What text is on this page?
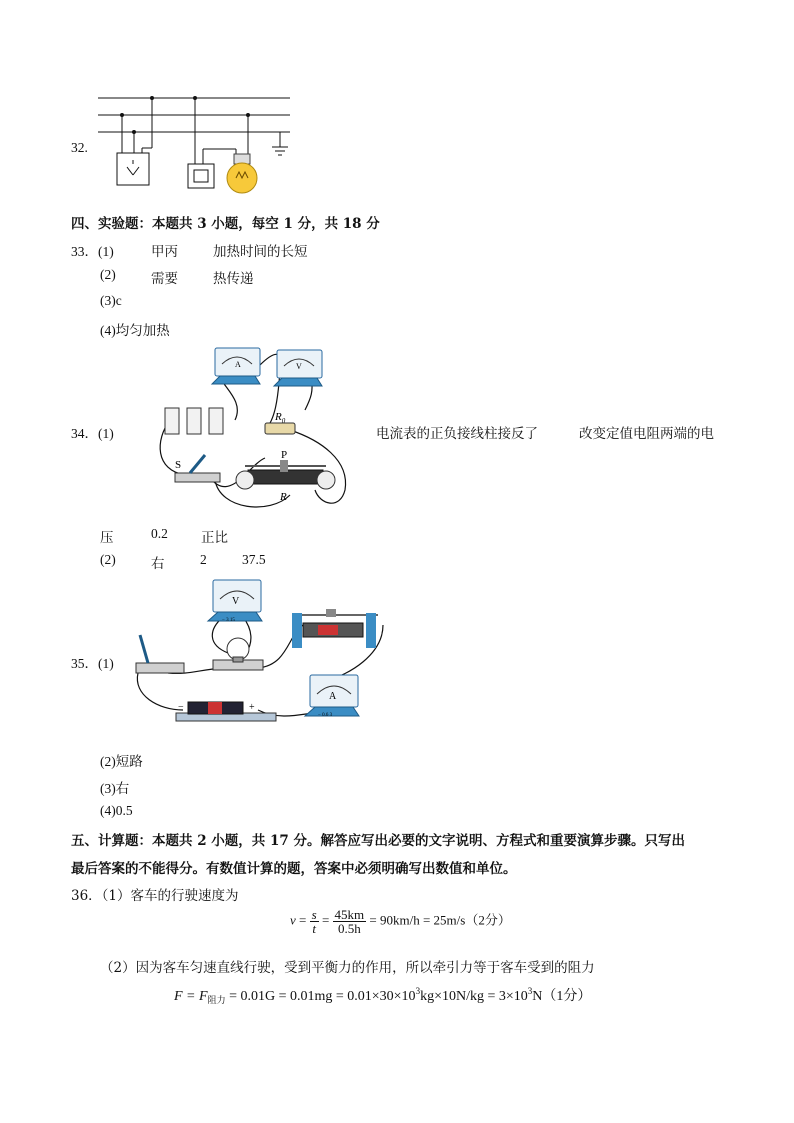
32.
四、实验题：本题共 3 小题，每空 1 分，共 18 分
33．(1)	甲丙	加热时间的长短
(2)	需要	热传递
(3)c
(4)均匀加热
34．(1)
A	V
$R_0$
S
P
R
电流表的正负接线柱接反了	改变定值电阻两端的电
压	0.2 正比
(2)	右	2	37.5
35．(1)
V
− 3 15
−	+
A
− 0.6 3
(2)短路
(3)右
(4)0.5
五、计算题：本题共 2 小题，共 17 分。解答应写出必要的文字说明、方程式和重要演算步骤。只写出
最后答案的不能得分。有数值计算的题，答案中必须明确写出数值和单位。
36．（1）客车的行驶速度为
$v = \frac{s}{t} = \frac{45km}{0.5h} = 90km/h = 25m/s(2$分）
（2）因为客车匀速直线行驶，受到平衡力的作用，所以牵引力等于客车受到的阻力
$F = F_{阻力} = 0.01G = 0.01mg = 0.01\times 30\times 10^3kg\times 10N/kg = 3\times 10^3N(1$分）
